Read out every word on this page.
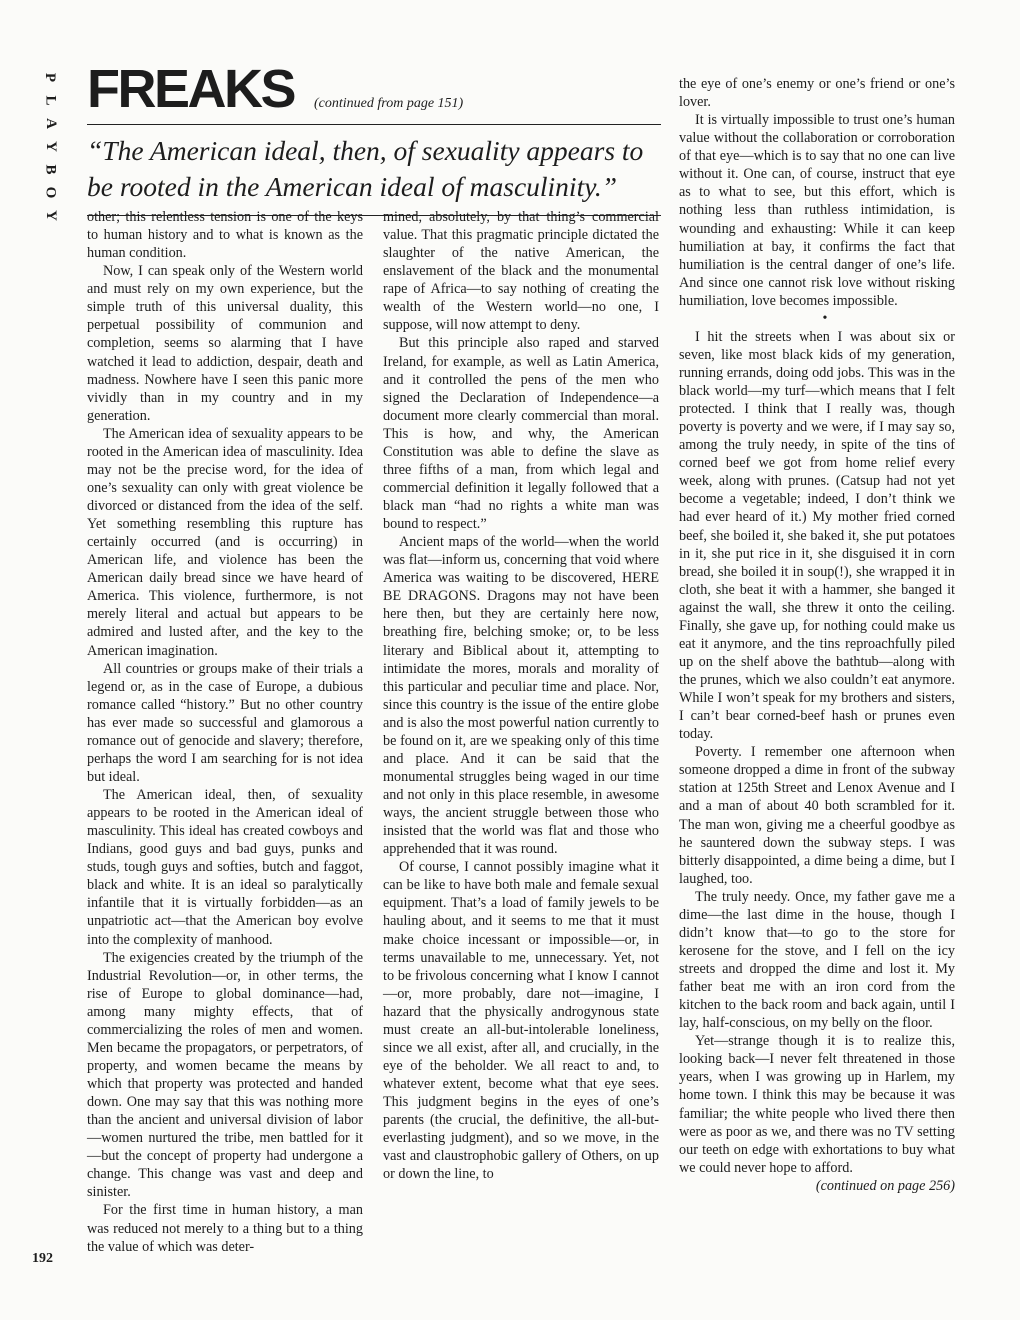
P
L
A
Y
B
O
Y
FREAKS (continued from page 151)
“The American ideal, then, of sexuality appears to be rooted in the American ideal of masculinity.”

other; this relentless tension is one of the keys to human history and to what is known as the human condition.

Now, I can speak only of the Western world and must rely on my own experience, but the simple truth of this universal duality, this perpetual possibility of communion and completion, seems so alarming that I have watched it lead to addiction, despair, death and madness. Nowhere have I seen this panic more vividly than in my country and in my generation.

The American idea of sexuality appears to be rooted in the American idea of masculinity. Idea may not be the precise word, for the idea of one’s sexuality can only with great violence be divorced or distanced from the idea of the self. Yet something resembling this rupture has certainly occurred (and is occurring) in American life, and violence has been the American daily bread since we have heard of America. This violence, furthermore, is not merely literal and actual but appears to be admired and lusted after, and the key to the American imagination.

All countries or groups make of their trials a legend or, as in the case of Europe, a dubious romance called “history.” But no other country has ever made so successful and glamorous a romance out of genocide and slavery; therefore, perhaps the word I am searching for is not idea but ideal.

The American ideal, then, of sexuality appears to be rooted in the American ideal of masculinity. This ideal has created cowboys and Indians, good guys and bad guys, punks and studs, tough guys and softies, butch and faggot, black and white. It is an ideal so paralytically infantile that it is virtually forbidden—as an unpatriotic act—that the American boy evolve into the complexity of manhood.

The exigencies created by the triumph of the Industrial Revolution—or, in other terms, the rise of Europe to global dominance—had, among many mighty effects, that of commercializing the roles of men and women. Men became the propagators, or perpetrators, of property, and women became the means by which that property was protected and handed down. One may say that this was nothing more than the ancient and universal division of labor—women nurtured the tribe, men battled for it—but the concept of property had undergone a change. This change was vast and deep and sinister.

For the first time in human history, a man was reduced not merely to a thing but to a thing the value of which was deter-

mined, absolutely, by that thing’s commercial value. That this pragmatic principle dictated the slaughter of the native American, the enslavement of the black and the monumental rape of Africa—to say nothing of creating the wealth of the Western world—no one, I suppose, will now attempt to deny.

But this principle also raped and starved Ireland, for example, as well as Latin America, and it controlled the pens of the men who signed the Declaration of Independence—a document more clearly commercial than moral. This is how, and why, the American Constitution was able to define the slave as three fifths of a man, from which legal and commercial definition it legally followed that a black man “had no rights a white man was bound to respect.”

Ancient maps of the world—when the world was flat—inform us, concerning that void where America was waiting to be discovered, HERE BE DRAGONS. Dragons may not have been here then, but they are certainly here now, breathing fire, belching smoke; or, to be less literary and Biblical about it, attempting to intimidate the mores, morals and morality of this particular and peculiar time and place. Nor, since this country is the issue of the entire globe and is also the most powerful nation currently to be found on it, are we speaking only of this time and place. And it can be said that the monumental struggles being waged in our time and not only in this place resemble, in awesome ways, the ancient struggle between those who insisted that the world was flat and those who apprehended that it was round.

Of course, I cannot possibly imagine what it can be like to have both male and female sexual equipment. That’s a load of family jewels to be hauling about, and it seems to me that it must make choice incessant or impossible—or, in terms unavailable to me, unnecessary. Yet, not to be frivolous concerning what I know I cannot—or, more probably, dare not—imagine, I hazard that the physically androgynous state must create an all-but-intolerable loneliness, since we all exist, after all, and crucially, in the eye of the beholder. We all react to and, to whatever extent, become what that eye sees. This judgment begins in the eyes of one’s parents (the crucial, the definitive, the all-but-everlasting judgment), and so we move, in the vast and claustrophobic gallery of Others, on up or down the line, to

the eye of one’s enemy or one’s friend or one’s lover.

It is virtually impossible to trust one’s human value without the collaboration or corroboration of that eye—which is to say that no one can live without it. One can, of course, instruct that eye as to what to see, but this effort, which is nothing less than ruthless intimidation, is wounding and exhausting: While it can keep humiliation at bay, it confirms the fact that humiliation is the central danger of one’s life. And since one cannot risk love without risking humiliation, love becomes impossible.

•

I hit the streets when I was about six or seven, like most black kids of my generation, running errands, doing odd jobs. This was in the black world—my turf—which means that I felt protected. I think that I really was, though poverty is poverty and we were, if I may say so, among the truly needy, in spite of the tins of corned beef we got from home relief every week, along with prunes. (Catsup had not yet become a vegetable; indeed, I don’t think we had ever heard of it.) My mother fried corned beef, she boiled it, she baked it, she put potatoes in it, she put rice in it, she disguised it in corn bread, she boiled it in soup(!), she wrapped it in cloth, she beat it with a hammer, she banged it against the wall, she threw it onto the ceiling. Finally, she gave up, for nothing could make us eat it anymore, and the tins reproachfully piled up on the shelf above the bathtub—along with the prunes, which we also couldn’t eat anymore. While I won’t speak for my brothers and sisters, I can’t bear corned-beef hash or prunes even today.

Poverty. I remember one afternoon when someone dropped a dime in front of the subway station at 125th Street and Lenox Avenue and I and a man of about 40 both scrambled for it. The man won, giving me a cheerful goodbye as he sauntered down the subway steps. I was bitterly disappointed, a dime being a dime, but I laughed, too.

The truly needy. Once, my father gave me a dime—the last dime in the house, though I didn’t know that—to go to the store for kerosene for the stove, and I fell on the icy streets and dropped the dime and lost it. My father beat me with an iron cord from the kitchen to the back room and back again, until I lay, half-conscious, on my belly on the floor.

Yet—strange though it is to realize this, looking back—I never felt threatened in those years, when I was growing up in Harlem, my home town. I think this may be because it was familiar; the white people who lived there then were as poor as we, and there was no TV setting our teeth on edge with exhortations to buy what we could never hope to afford.

(continued on page 256)

192
